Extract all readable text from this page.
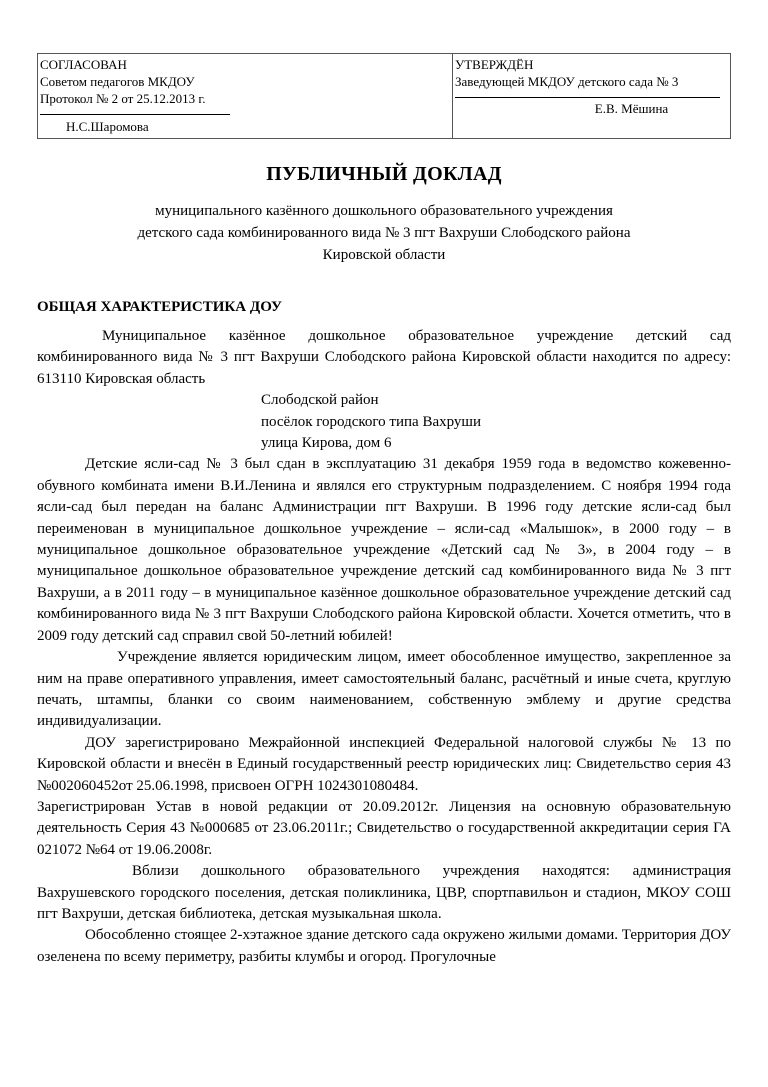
СОГЛАСОВАН
Советом педагогов МКДОУ
Протокол № 2 от 25.12.2013 г.
Н.С.Шаромова

УТВЕРЖДЁН
Заведующей МКДОУ детского сада № 3
Е.В. Мёшина
ПУБЛИЧНЫЙ ДОКЛАД

муниципального казённого дошкольного образовательного учреждения

детского сада комбинированного вида № 3 пгт Вахруши Слободского района

Кировской области

ОБЩАЯ ХАРАКТЕРИСТИКА ДОУ

Муниципальное казённое дошкольное образовательное учреждение детский сад комбинированного вида № 3 пгт Вахруши Слободского района Кировской области находится по адресу: 613110 Кировская область

Слободской район

посёлок городского типа Вахруши

улица Кирова, дом 6

Детские ясли-сад № 3 был сдан в эксплуатацию 31 декабря 1959 года в ведомство кожевенно-обувного комбината имени В.И.Ленина и являлся его структурным подразделением. С ноября 1994 года ясли-сад был передан на баланс Администрации пгт Вахруши. В 1996 году детские ясли-сад был переименован в муниципальное дошкольное учреждение – ясли-сад «Малышок», в 2000 году – в муниципальное дошкольное образовательное учреждение «Детский сад № 3», в 2004 году – в муниципальное дошкольное образовательное учреждение детский сад комбинированного вида № 3 пгт Вахруши, а в 2011 году – в муниципальное казённое дошкольное образовательное учреждение детский сад комбинированного вида № 3 пгт Вахруши Слободского района Кировской области. Хочется отметить, что в 2009 году детский сад справил свой 50-летний юбилей!

Учреждение является юридическим лицом, имеет обособленное имущество, закрепленное за ним на праве оперативного управления, имеет самостоятельный баланс, расчётный и иные счета, круглую печать, штампы, бланки со своим наименованием, собственную эмблему и другие средства индивидуализации.

ДОУ зарегистрировано Межрайонной инспекцией Федеральной налоговой службы № 13 по Кировской области и внесён в Единый государственный реестр юридических лиц: Свидетельство серия 43 №002060452от 25.06.1998, присвоен ОГРН 1024301080484.

Зарегистрирован Устав в новой редакции от 20.09.2012г. Лицензия на основную образовательную деятельность Серия 43 №000685 от 23.06.2011г.; Свидетельство о государственной аккредитации серия ГА 021072 №64 от 19.06.2008г.

Вблизи дошкольного образовательного учреждения находятся: администрация Вахрушевского городского поселения, детская поликлиника, ЦВР, спортпавильон и стадион, МКОУ СОШ пгт Вахруши, детская библиотека, детская музыкальная школа.

Обособленно стоящее 2-хэтажное здание детского сада окружено жилыми домами. Территория ДОУ озеленена по всему периметру, разбиты клумбы и огород. Прогулочные
